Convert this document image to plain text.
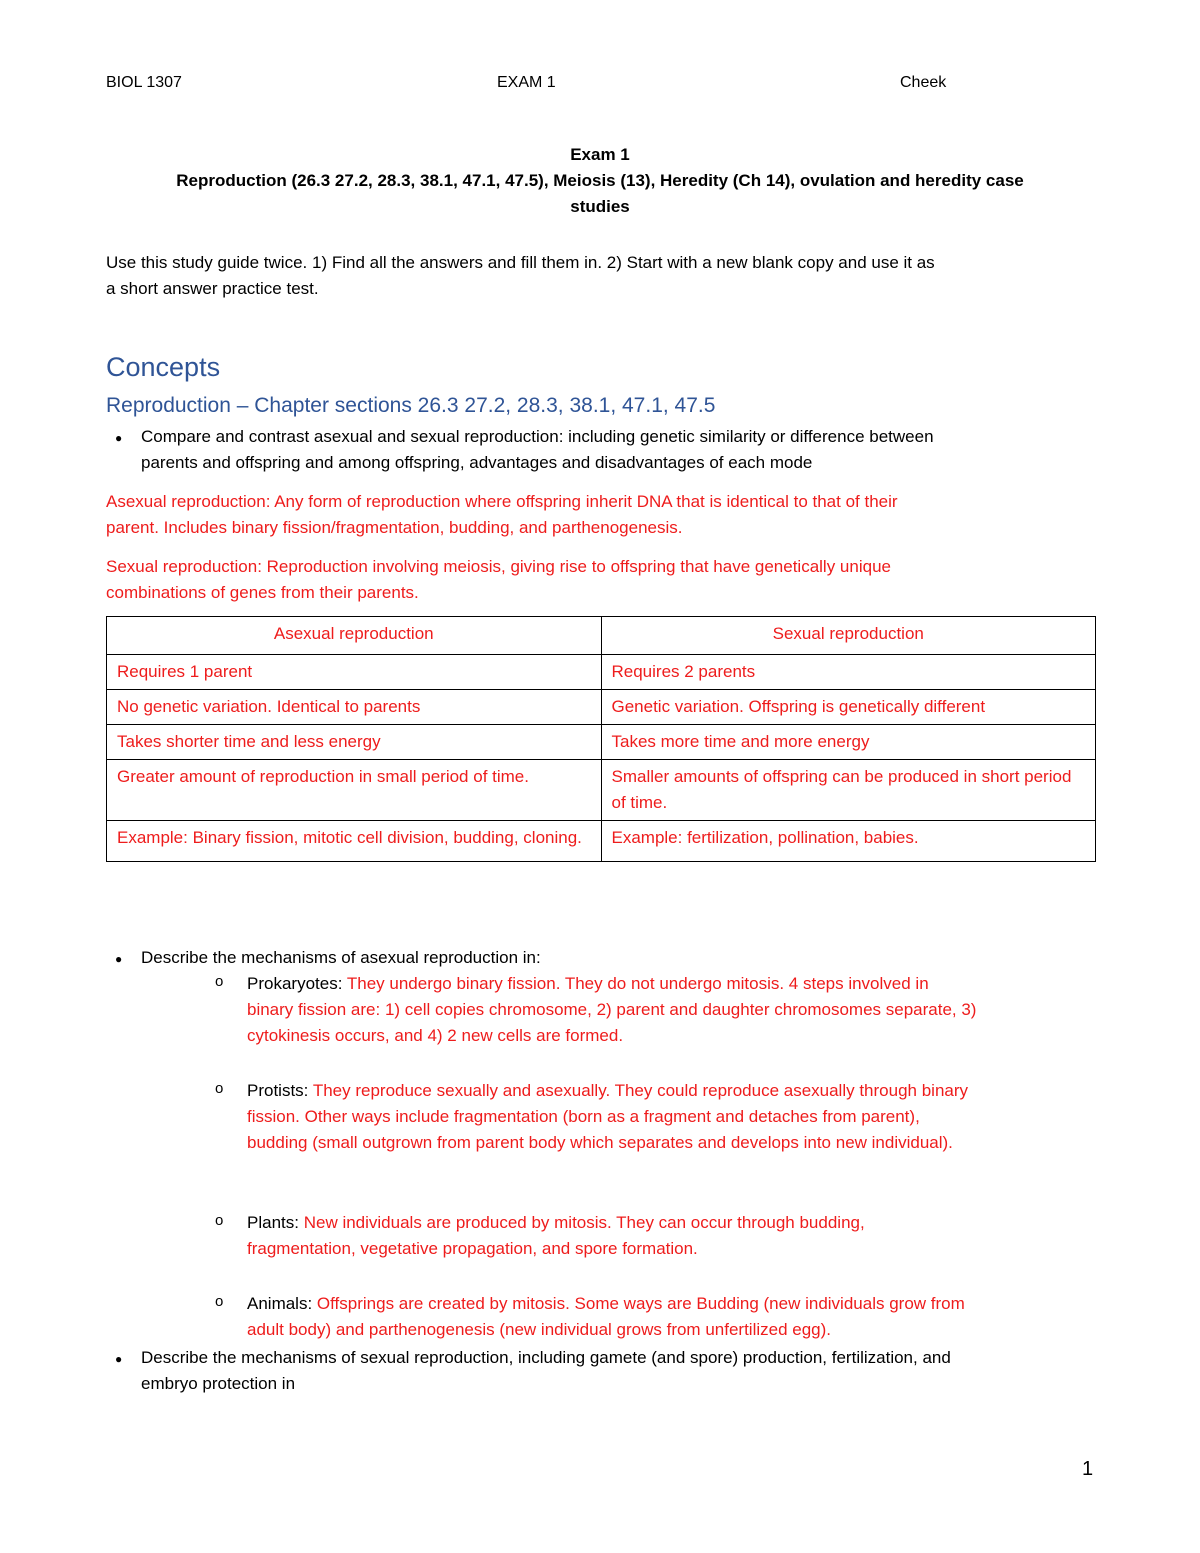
BIOL 1307	EXAM 1	Cheek
Exam 1
Reproduction (26.3 27.2, 28.3, 38.1, 47.1, 47.5), Meiosis (13), Heredity (Ch 14), ovulation and heredity case
studies
Use this study guide twice. 1) Find all the answers and fill them in. 2) Start with a new blank copy and use it as
a short answer practice test.
Concepts
Reproduction – Chapter sections 26.3 27.2, 28.3, 38.1, 47.1, 47.5
● Compare and contrast asexual and sexual reproduction: including genetic similarity or difference between
parents and offspring and among offspring, advantages and disadvantages of each mode
Asexual reproduction: Any form of reproduction where offspring inherit DNA that is identical to that of their
parent. Includes binary fission/fragmentation, budding, and parthenogenesis.
Sexual reproduction: Reproduction involving meiosis, giving rise to offspring that have genetically unique
combinations of genes from their parents.
Asexual reproduction	Sexual reproduction
Requires 1 parent	Requires 2 parents
No genetic variation. Identical to parents	Genetic variation. Offspring is genetically different
Takes shorter time and less energy	Takes more time and more energy
Greater amount of reproduction in small period of time.	Smaller amounts of offspring can be produced in short period of time.
Example: Binary fission, mitotic cell division, budding, cloning.	Example: fertilization, pollination, babies.
● Describe the mechanisms of asexual reproduction in:
o Prokaryotes: They undergo binary fission. They do not undergo mitosis. 4 steps involved in
binary fission are: 1) cell copies chromosome, 2) parent and daughter chromosomes separate, 3)
cytokinesis occurs, and 4) 2 new cells are formed.
o Protists: They reproduce sexually and asexually. They could reproduce asexually through binary
fission. Other ways include fragmentation (born as a fragment and detaches from parent),
budding (small outgrown from parent body which separates and develops into new individual).
o Plants: New individuals are produced by mitosis. They can occur through budding,
fragmentation, vegetative propagation, and spore formation.
o Animals: Offsprings are created by mitosis. Some ways are Budding (new individuals grow from
adult body) and parthenogenesis (new individual grows from unfertilized egg).
● Describe the mechanisms of sexual reproduction, including gamete (and spore) production, fertilization, and
embryo protection in
1
